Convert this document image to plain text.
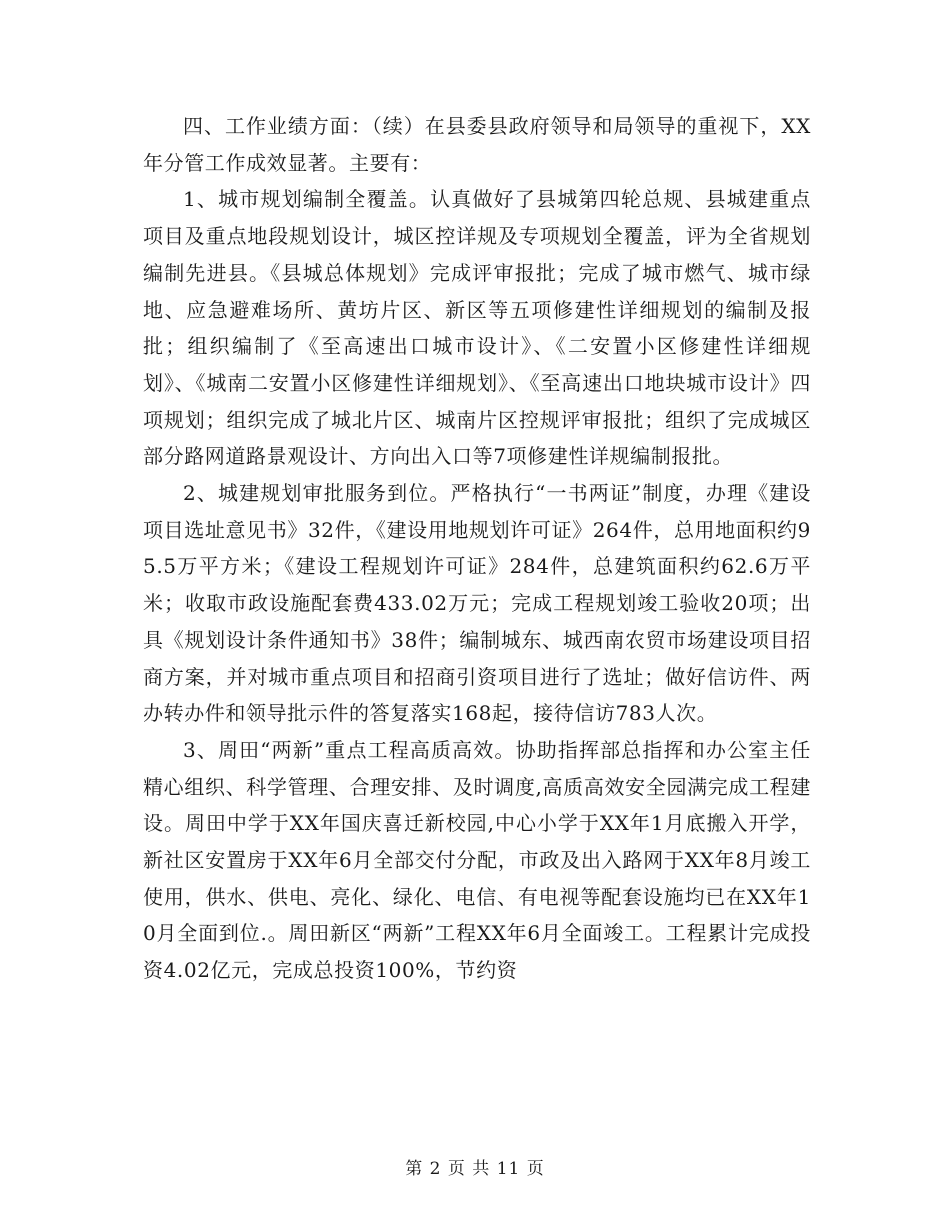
四、工作业绩方面：（续）在县委县政府领导和局领导的重视下，XX年分管工作成效显著。主要有：

1、城市规划编制全覆盖。认真做好了县城第四轮总规、县城建重点项目及重点地段规划设计，城区控详规及专项规划全覆盖，评为全省规划编制先进县。《县城总体规划》完成评审报批；完成了城市燃气、城市绿地、应急避难场所、黄坊片区、新区等五项修建性详细规划的编制及报批；组织编制了《至高速出口城市设计》、《二安置小区修建性详细规划》、《城南二安置小区修建性详细规划》、《至高速出口地块城市设计》四项规划；组织完成了城北片区、城南片区控规评审报批；组织了完成城区部分路网道路景观设计、方向出入口等7项修建性详规编制报批。

2、城建规划审批服务到位。严格执行“一书两证”制度，办理《建设项目选址意见书》32件，《建设用地规划许可证》264件，总用地面积约95.5万平方米；《建设工程规划许可证》284件，总建筑面积约62.6万平米；收取市政设施配套费433.02万元；完成工程规划竣工验收20项；出具《规划设计条件通知书》38件；编制城东、城西南农贸市场建设项目招商方案，并对城市重点项目和招商引资项目进行了选址；做好信访件、两办转办件和领导批示件的答复落实168起，接待信访783人次。

3、周田“两新”重点工程高质高效。协助指挥部总指挥和办公室主任精心组织、科学管理、合理安排、及时调度,高质高效安全园满完成工程建设。周田中学于XX年国庆喜迁新校园,中心小学于XX年1月底搬入开学，新社区安置房于XX年6月全部交付分配，市政及出入路网于XX年8月竣工使用，供水、供电、亮化、绿化、电信、有电视等配套设施均已在XX年10月全面到位.。周田新区“两新”工程XX年6月全面竣工。工程累计完成投资4.02亿元，完成总投资100%，节约资

第 2 页 共 11 页
